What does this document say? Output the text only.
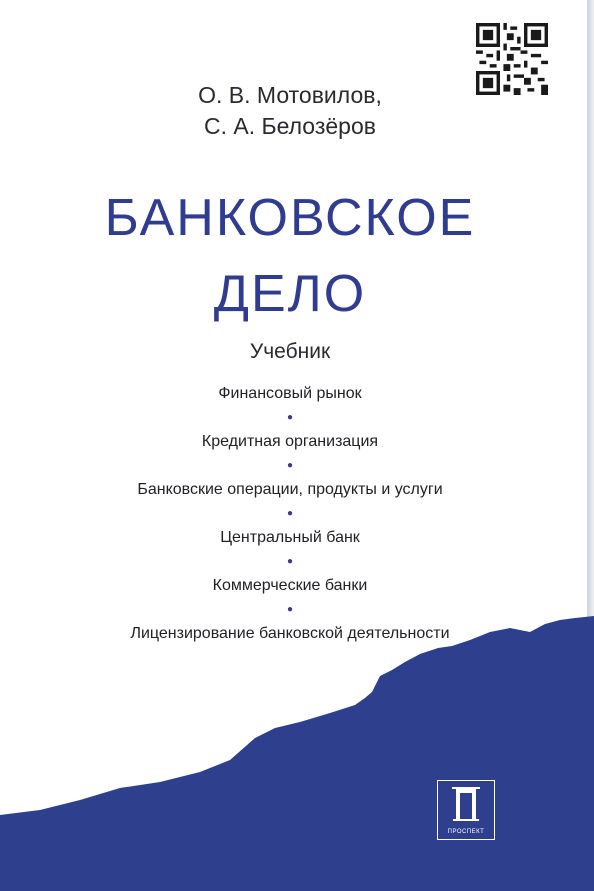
О. В. Мотовилов,
С. А. Белозёров
БАНКОВСКОЕ
ДЕЛО
Учебник
Финансовый рынок
●
Кредитная организация
●
Банковские операции, продукты и услуги
●
Центральный банк
●
Коммерческие банки
●
Лицензирование банковской деятельности
ПРОСПЕКТ
